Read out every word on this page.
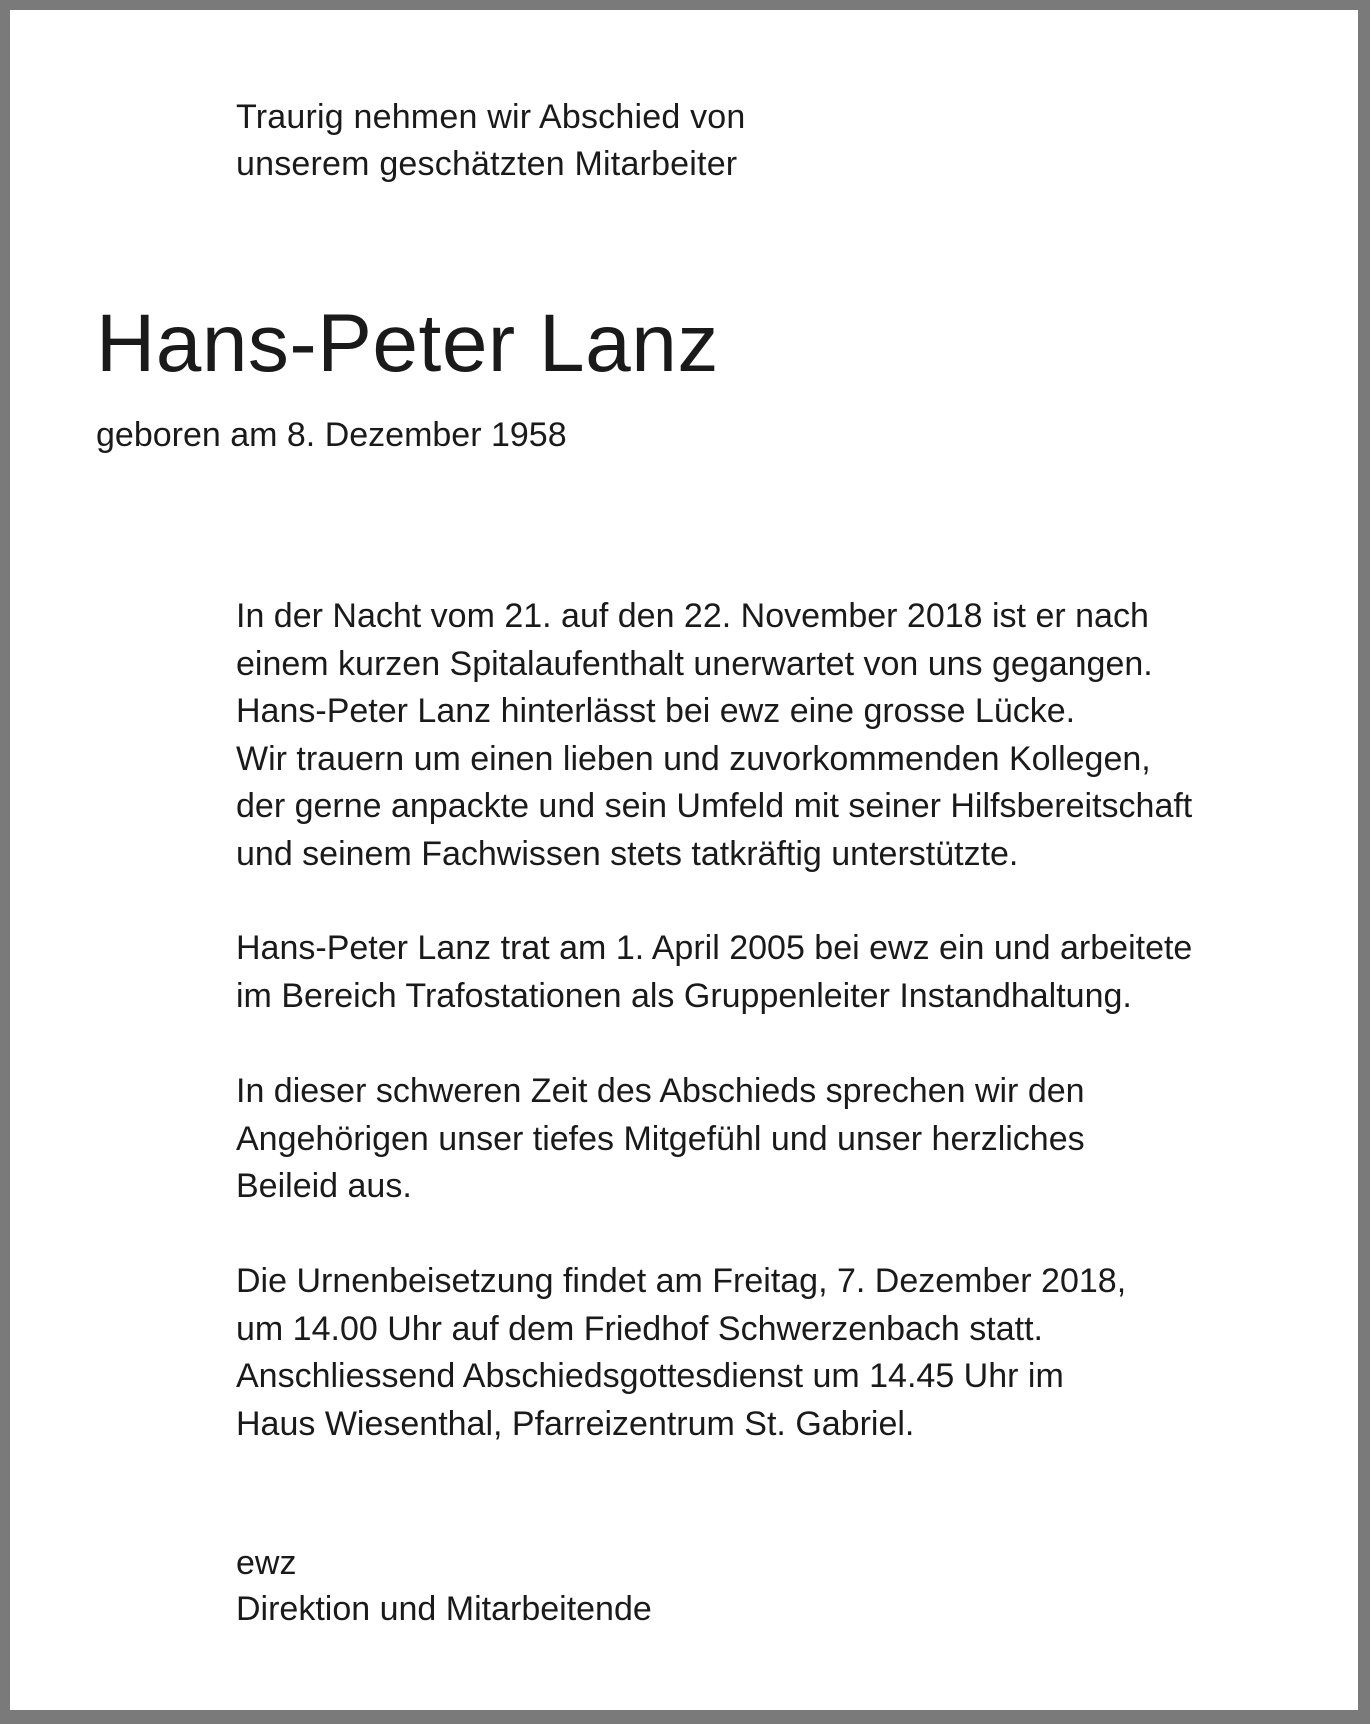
Traurig nehmen wir Abschied von
unserem geschätzten Mitarbeiter
Hans-Peter Lanz
geboren am 8. Dezember 1958
In der Nacht vom 21. auf den 22. November 2018 ist er nach
einem kurzen Spitalaufenthalt unerwartet von uns gegangen.
Hans-Peter Lanz hinterlässt bei ewz eine grosse Lücke.
Wir trauern um einen lieben und zuvorkommenden Kollegen,
der gerne anpackte und sein Umfeld mit seiner Hilfsbereitschaft
und seinem Fachwissen stets tatkräftig unterstützte.
Hans-Peter Lanz trat am 1. April 2005 bei ewz ein und arbeitete
im Bereich Trafostationen als Gruppenleiter Instandhaltung.
In dieser schweren Zeit des Abschieds sprechen wir den
Angehörigen unser tiefes Mitgefühl und unser herzliches
Beileid aus.
Die Urnenbeisetzung findet am Freitag, 7. Dezember 2018,
um 14.00 Uhr auf dem Friedhof Schwerzenbach statt.
Anschliessend Abschiedsgottesdienst um 14.45 Uhr im
Haus Wiesenthal, Pfarreizentrum St. Gabriel.
ewz
Direktion und Mitarbeitende
